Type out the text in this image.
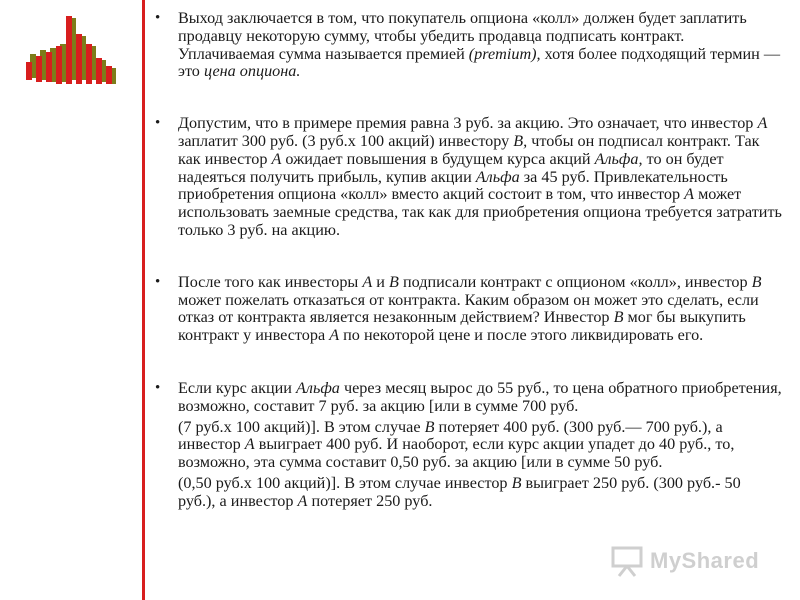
• Выход заключается в том, что покупатель опциона «колл» должен будет заплатить продавцу некоторую сумму, чтобы убедить продавца подписать контракт. Уплачиваемая сумма называется премией (premium), хотя более подходящий термин — это цена опциона.

• Допустим, что в примере премия равна 3 руб. за акцию. Это означает, что инвестор А заплатит 300 руб. (3 руб.х 100 акций) инвестору В, чтобы он подписал контракт. Так как инвестор А ожидает повышения в будущем курса акций Альфа, то он будет надеяться получить прибыль, купив акции Альфа за 45 руб. Привлекательность приобретения опциона «колл» вместо акций состоит в том, что инвестор А может использовать заемные средства, так как для приобретения опциона требуется затратить только 3 руб. на акцию.

• После того как инвесторы А и В подписали контракт с опционом «колл», инвестор В может пожелать отказаться от контракта. Каким образом он может это сделать, если отказ от контракта является незаконным действием? Инвестор В мог бы выкупить контракт у инвестора А по некоторой цене и после этого ликвидировать его.

• Если курс акции Альфа через месяц вырос до 55 руб., то цена обратного приобретения, возможно, составит 7 руб. за акцию [или в сумме 700 руб.

(7 руб.х 100 акций)]. В этом случае В потеряет 400 руб. (300 руб.— 700 руб.), а инвестор А выиграет 400 руб. И наоборот, если курс акции упадет до 40 руб., то, возможно, эта сумма составит 0,50 руб. за акцию [или в сумме 50 руб.

(0,50 руб.х 100 акций)]. В этом случае инвестор В выиграет 250 руб. (300 руб.- 50 руб.), а инвестор А потеряет 250 руб.

MyShared
